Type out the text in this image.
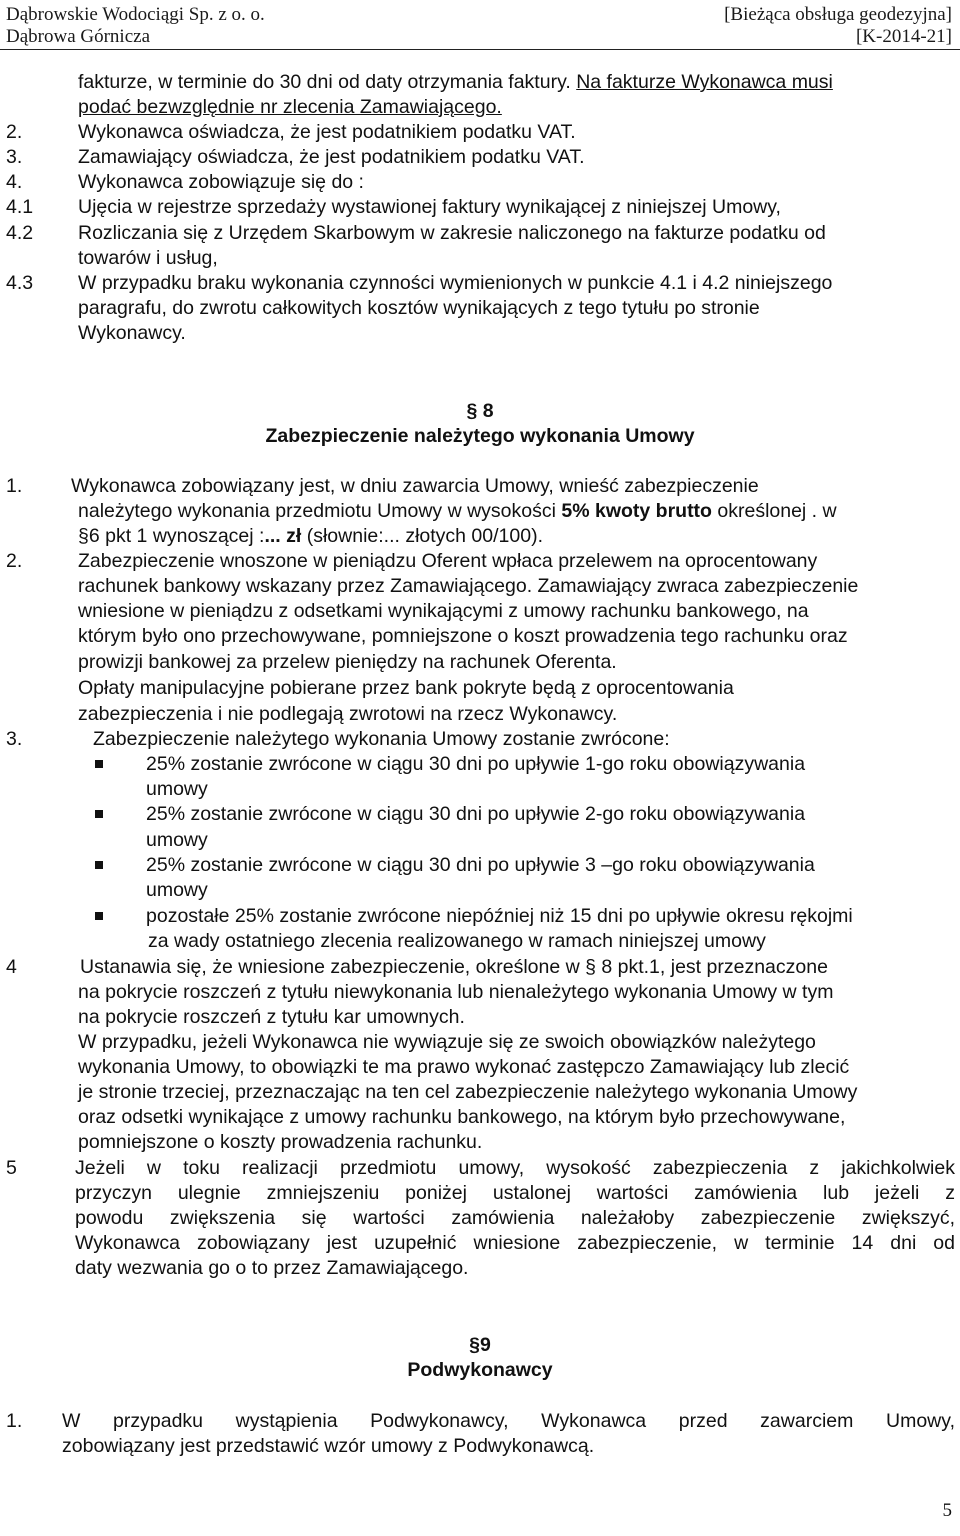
Dąbrowskie Wodociągi Sp. z o. o.
Dąbrowa Górnicza
[Bieżąca obsługa geodezyjna]
[K-2014-21]
fakturze, w terminie do 30 dni od daty otrzymania faktury. Na fakturze Wykonawca musi
podać bezwzględnie nr zlecenia Zamawiającego.
2.	Wykonawca oświadcza, że jest podatnikiem podatku VAT.
3.	Zamawiający oświadcza, że jest podatnikiem podatku VAT.
4.	Wykonawca zobowiązuje się do :
4.1 Ujęcia w rejestrze sprzedaży wystawionej faktury wynikającej z niniejszej Umowy,
4.2 Rozliczania się z Urzędem Skarbowym w zakresie naliczonego na fakturze podatku od
towarów i usług,
4.3 W przypadku braku wykonania czynności wymienionych w punkcie 4.1 i 4.2 niniejszego
paragrafu, do zwrotu całkowitych kosztów wynikających z tego tytułu po stronie
Wykonawcy.
§ 8
Zabezpieczenie należytego wykonania Umowy
1. Wykonawca zobowiązany jest, w dniu zawarcia Umowy, wnieść zabezpieczenie
należytego wykonania przedmiotu Umowy w wysokości 5% kwoty brutto określonej . w
§6 pkt 1 wynoszącej :... zł (słownie:... złotych 00/100).
2.	Zabezpieczenie wnoszone w pieniądzu Oferent wpłaca przelewem na oprocentowany
rachunek bankowy wskazany przez Zamawiającego. Zamawiający zwraca zabezpieczenie
wniesione w pieniądzu z odsetkami wynikającymi z umowy rachunku bankowego, na
którym było ono przechowywane, pomniejszone o koszt prowadzenia tego rachunku oraz
prowizji bankowej za przelew pieniędzy na rachunek Oferenta.
Opłaty manipulacyjne pobierane przez bank pokryte będą z oprocentowania
zabezpieczenia i nie podlegają zwrotowi na rzecz Wykonawcy.
3.	Zabezpieczenie należytego wykonania Umowy zostanie zwrócone:
25% zostanie zwrócone w ciągu 30 dni po upływie 1-go roku obowiązywania
umowy
25% zostanie zwrócone w ciągu 30 dni po upływie 2-go roku obowiązywania
umowy
25% zostanie zwrócone w ciągu 30 dni po upływie 3 –go roku obowiązywania
umowy
pozostałe 25% zostanie zwrócone niepóźniej niż 15 dni po upływie okresu rękojmi
za wady ostatniego zlecenia realizowanego w ramach niniejszej umowy
4	Ustanawia się, że wniesione zabezpieczenie, określone w § 8 pkt.1, jest przeznaczone
na pokrycie roszczeń z tytułu niewykonania lub nienależytego wykonania Umowy w tym
na pokrycie roszczeń z tytułu kar umownych.
W przypadku, jeżeli Wykonawca nie wywiązuje się ze swoich obowiązków należytego
wykonania Umowy, to obowiązki te ma prawo wykonać zastępczo Zamawiający lub zlecić
je stronie trzeciej, przeznaczając na ten cel zabezpieczenie należytego wykonania Umowy
oraz odsetki wynikające z umowy rachunku bankowego, na którym było przechowywane,
pomniejszone o koszty prowadzenia rachunku.
5	Jeżeli w toku realizacji przedmiotu umowy, wysokość zabezpieczenia z jakichkolwiek
przyczyn ulegnie zmniejszeniu poniżej ustalonej wartości zamówienia lub jeżeli z
powodu zwiększenia się wartości zamówienia należałoby zabezpieczenie zwiększyć,
Wykonawca zobowiązany jest uzupełnić wniesione zabezpieczenie, w terminie 14 dni od
daty wezwania go o to przez Zamawiającego.
§9
Podwykonawcy
1. W przypadku wystąpienia Podwykonawcy, Wykonawca przed zawarciem Umowy,
zobowiązany jest przedstawić wzór umowy z Podwykonawcą.
5
